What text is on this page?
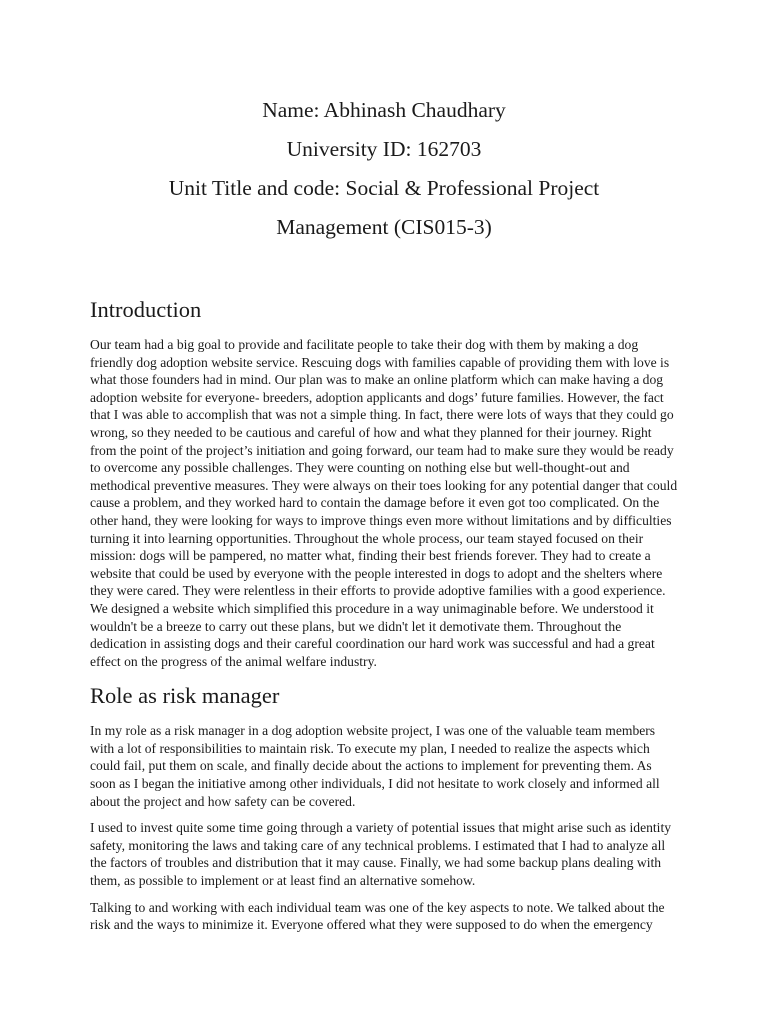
Name: Abhinash Chaudhary
University ID: 162703
Unit Title and code: Social & Professional Project
Management (CIS015-3)
Introduction

Our team had a big goal to provide and facilitate people to take their dog with them by making a dog friendly dog adoption website service. Rescuing dogs with families capable of providing them with love is what those founders had in mind. Our plan was to make an online platform which can make having a dog adoption website for everyone- breeders, adoption applicants and dogs’ future families. However, the fact that I was able to accomplish that was not a simple thing. In fact, there were lots of ways that they could go wrong, so they needed to be cautious and careful of how and what they planned for their journey. Right from the point of the project’s initiation and going forward, our team had to make sure they would be ready to overcome any possible challenges. They were counting on nothing else but well-thought-out and methodical preventive measures. They were always on their toes looking for any potential danger that could cause a problem, and they worked hard to contain the damage before it even got too complicated. On the other hand, they were looking for ways to improve things even more without limitations and by difficulties turning it into learning opportunities. Throughout the whole process, our team stayed focused on their mission: dogs will be pampered, no matter what, finding their best friends forever. They had to create a website that could be used by everyone with the people interested in dogs to adopt and the shelters where they were cared. They were relentless in their efforts to provide adoptive families with a good experience. We designed a website which simplified this procedure in a way unimaginable before. We understood it wouldn't be a breeze to carry out these plans, but we didn't let it demotivate them. Throughout the dedication in assisting dogs and their careful coordination our hard work was successful and had a great effect on the progress of the animal welfare industry.

Role as risk manager

In my role as a risk manager in a dog adoption website project, I was one of the valuable team members with a lot of responsibilities to maintain risk. To execute my plan, I needed to realize the aspects which could fail, put them on scale, and finally decide about the actions to implement for preventing them. As soon as I began the initiative among other individuals, I did not hesitate to work closely and informed all about the project and how safety can be covered.

I used to invest quite some time going through a variety of potential issues that might arise such as identity safety, monitoring the laws and taking care of any technical problems. I estimated that I had to analyze all the factors of troubles and distribution that it may cause. Finally, we had some backup plans dealing with them, as possible to implement or at least find an alternative somehow.

Talking to and working with each individual team was one of the key aspects to note. We talked about the risk and the ways to minimize it. Everyone offered what they were supposed to do when the emergency
